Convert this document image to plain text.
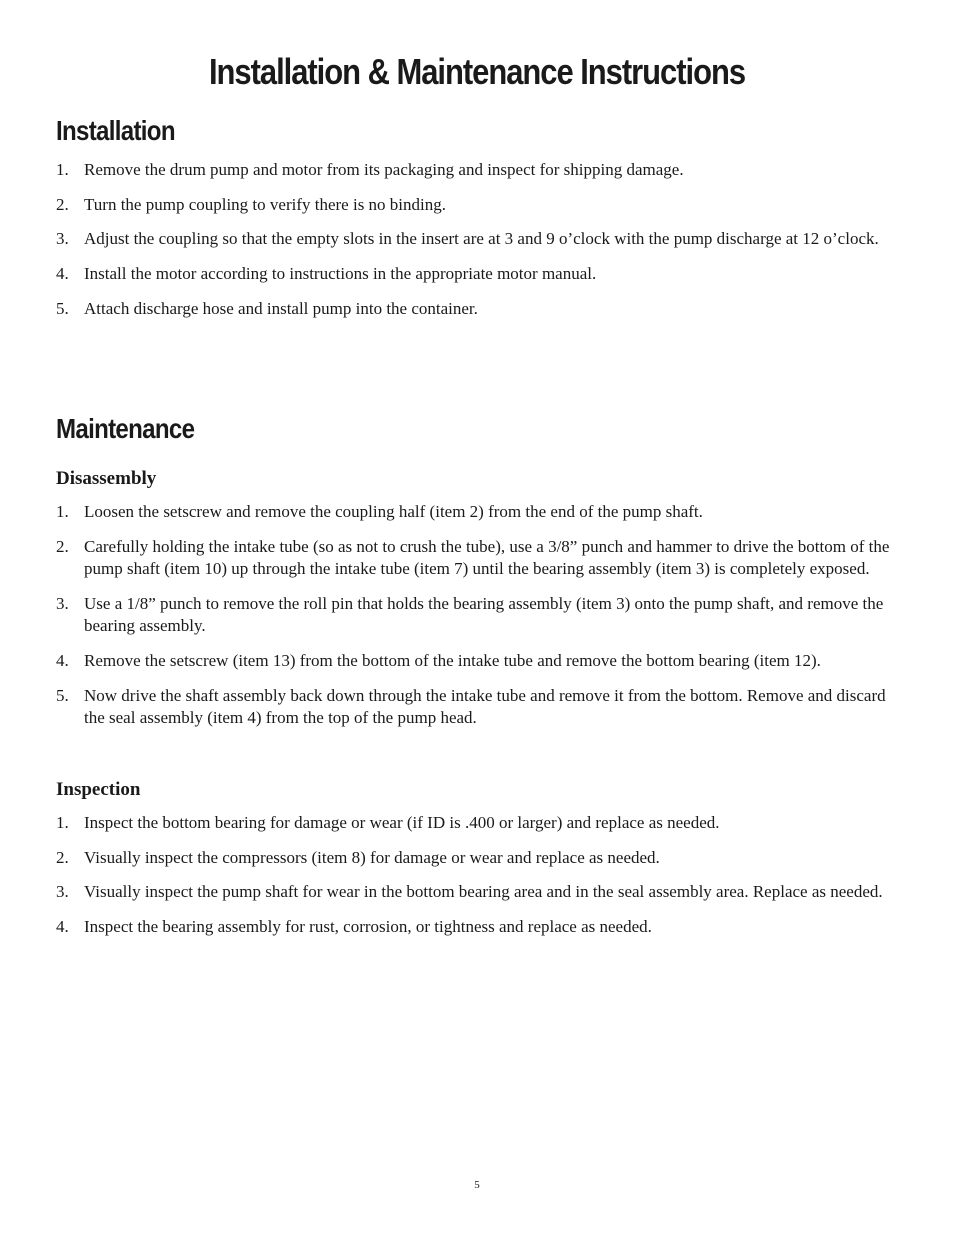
Installation & Maintenance Instructions
Installation
1. Remove the drum pump and motor from its packaging and inspect for shipping damage.
2. Turn the pump coupling to verify there is no binding.
3. Adjust the coupling so that the empty slots in the insert are at 3 and 9 o’clock with the pump discharge at 12 o’clock.
4. Install the motor according to instructions in the appropriate motor manual.
5. Attach discharge hose and install pump into the container.
Maintenance
Disassembly
1. Loosen the setscrew and remove the coupling half (item 2) from the end of the pump shaft.
2. Carefully holding the intake tube (so as not to crush the tube), use a 3/8” punch and hammer to drive the bottom of the pump shaft (item 10) up through the intake tube (item 7) until the bearing assembly (item 3) is completely exposed.
3. Use a 1/8” punch to remove the roll pin that holds the bearing assembly (item 3) onto the pump shaft, and remove the bearing assembly.
4. Remove the setscrew (item 13) from the bottom of the intake tube and remove the bottom bearing (item 12).
5. Now drive the shaft assembly back down through the intake tube and remove it from the bottom. Remove and discard the seal assembly (item 4) from the top of the pump head.
Inspection
1. Inspect the bottom bearing for damage or wear (if ID is .400 or larger) and replace as needed.
2. Visually inspect the compressors (item 8) for damage or wear and replace as needed.
3. Visually inspect the pump shaft for wear in the bottom bearing area and in the seal assembly area. Replace as needed.
4. Inspect the bearing assembly for rust, corrosion, or tightness and replace as needed.
5
